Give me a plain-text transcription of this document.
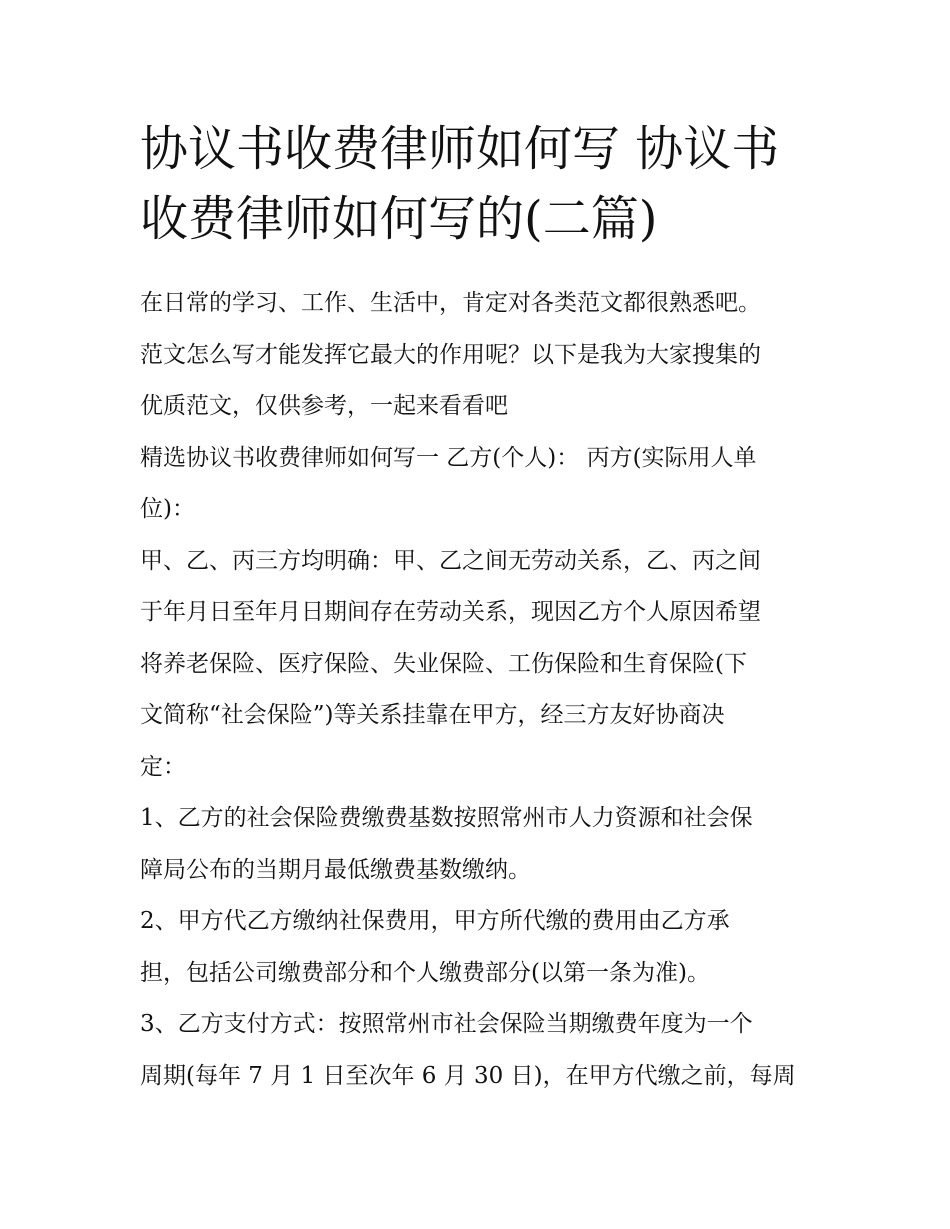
协议书收费律师如何写 协议书
收费律师如何写的(二篇)
在日常的学习、工作、生活中，肯定对各类范文都很熟悉吧。
范文怎么写才能发挥它最大的作用呢？以下是我为大家搜集的
优质范文，仅供参考，一起来看看吧
精选协议书收费律师如何写一 乙方(个人)： 丙方(实际用人单
位)：
甲、乙、丙三方均明确：甲、乙之间无劳动关系，乙、丙之间
于年月日至年月日期间存在劳动关系，现因乙方个人原因希望
将养老保险、医疗保险、失业保险、工伤保险和生育保险(下
文简称“社会保险”)等关系挂靠在甲方，经三方友好协商决
定：
1、乙方的社会保险费缴费基数按照常州市人力资源和社会保
障局公布的当期月最低缴费基数缴纳。
2、甲方代乙方缴纳社保费用，甲方所代缴的费用由乙方承
担，包括公司缴费部分和个人缴费部分(以第一条为准)。
3、乙方支付方式：按照常州市社会保险当期缴费年度为一个
周期(每年 7 月 1 日至次年 6 月 30 日)，在甲方代缴之前，每周
